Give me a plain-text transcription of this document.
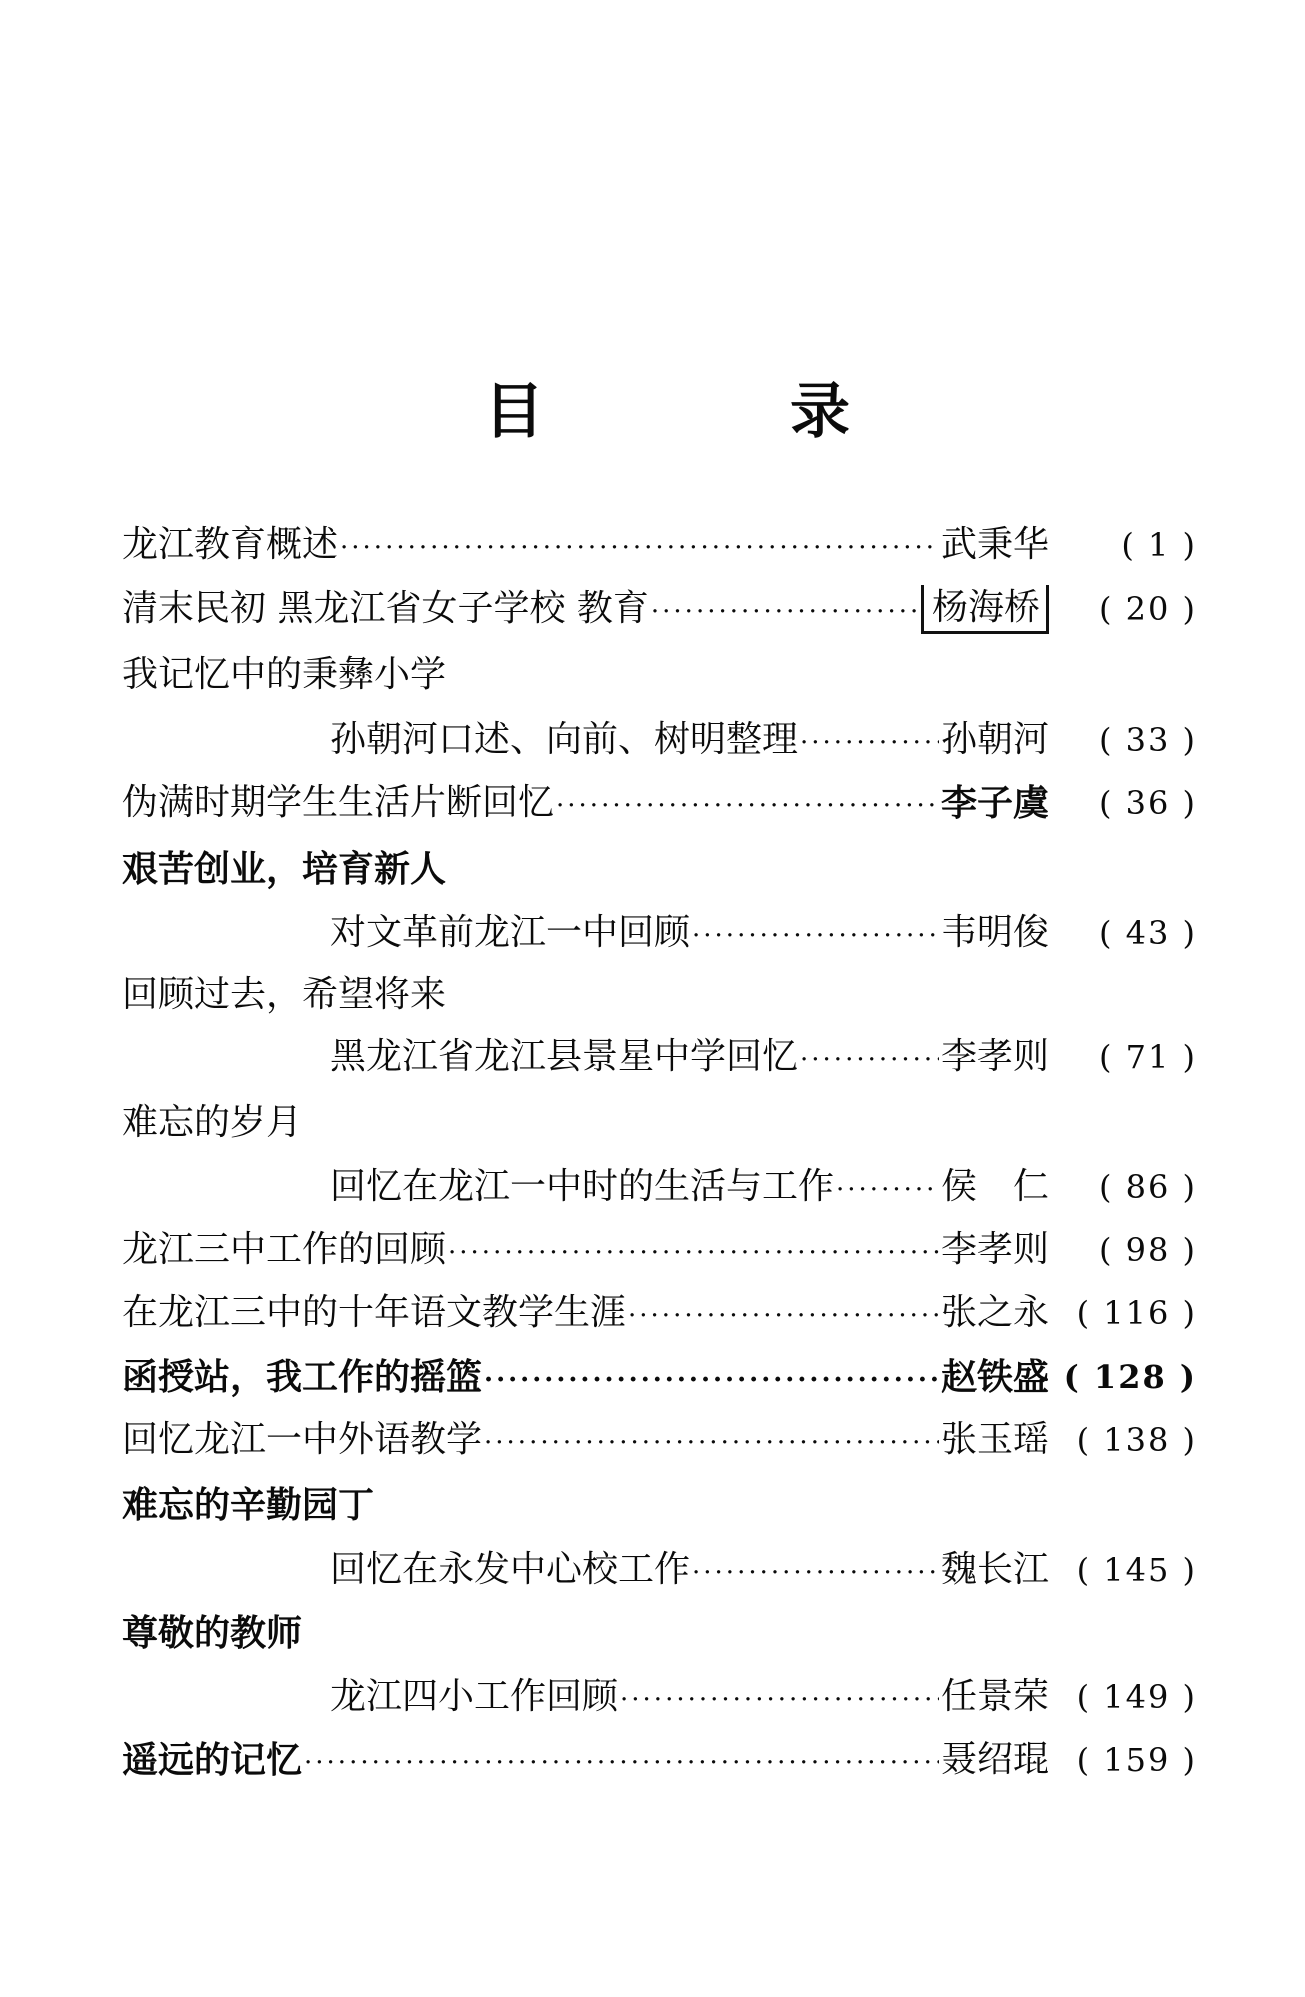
目	录
龙江教育概述 ·····	武秉华	( 1 )
清末民初 黑龙江省女子学校 教育 ·····	杨海桥	( 20 )
我记忆中的秉彝小学
孙朝河口述、向前、树明整理 ·····	孙朝河	( 33 )
伪满时期学生生活片断回忆 ·····	李子虞	( 36 )
艰苦创业，培育新人
对文革前龙江一中回顾 ·····	韦明俊	( 43 )
回顾过去，希望将来
黑龙江省龙江县景星中学回忆 ·····	李孝则	( 71 )
难忘的岁月
回忆在龙江一中时的生活与工作 ·····	侯　仁	( 86 )
龙江三中工作的回顾 ·····	李孝则	( 98 )
在龙江三中的十年语文教学生涯 ·····	张之永 ( 116 )
函授站，我工作的摇篮 ·····	赵铁盛 ( 128 )
回忆龙江一中外语教学 ·····	张玉瑶 ( 138 )
难忘的辛勤园丁
回忆在永发中心校工作 ·····	魏长江 ( 145 )
尊敬的教师
龙江四小工作回顾 ·····	任景荣 ( 149 )
遥远的记忆 ·····	聂绍琨 ( 159 )
